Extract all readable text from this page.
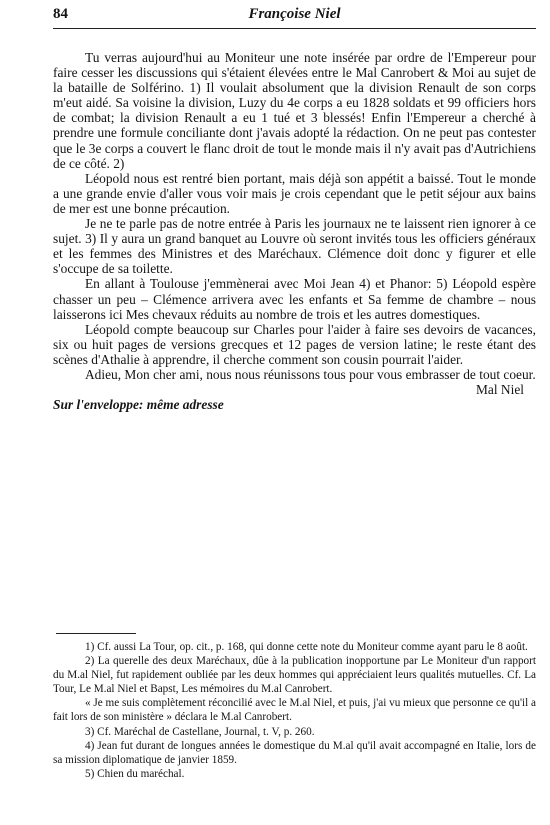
84	Françoise Niel

Tu verras aujourd'hui au Moniteur une note insérée par ordre de l'Empereur pour faire cesser les discussions qui s'étaient élevées entre le Mal Canrobert & Moi au sujet de la bataille de Solférino. 1) Il voulait absolument que la division Renault de son corps m'eut aidé. Sa voisine la division, Luzy du 4e corps a eu 1828 soldats et 99 officiers hors de combat; la division Renault a eu 1 tué et 3 blessés! Enfin l'Empereur a cherché à prendre une formule conciliante dont j'avais adopté la rédaction. On ne peut pas contester que le 3e corps a couvert le flanc droit de tout le monde mais il n'y avait pas d'Autrichiens de ce côté. 2)

Léopold nous est rentré bien portant, mais déjà son appétit a baissé. Tout le monde a une grande envie d'aller vous voir mais je crois cependant que le petit séjour aux bains de mer est une bonne précaution.

Je ne te parle pas de notre entrée à Paris les journaux ne te laissent rien ignorer à ce sujet. 3) Il y aura un grand banquet au Louvre où seront invités tous les officiers généraux et les femmes des Ministres et des Maréchaux. Clémence doit donc y figurer et elle s'occupe de sa toilette.

En allant à Toulouse j'emmènerai avec Moi Jean 4) et Phanor: 5) Léopold espère chasser un peu – Clémence arrivera avec les enfants et Sa femme de chambre – nous laisserons ici Mes chevaux réduits au nombre de trois et les autres domestiques.

Léopold compte beaucoup sur Charles pour l'aider à faire ses devoirs de vacances, six ou huit pages de versions grecques et 12 pages de version latine; le reste étant des scènes d'Athalie à apprendre, il cherche comment son cousin pourrait l'aider.

Adieu, Mon cher ami, nous nous réunissons tous pour vous embrasser de tout coeur.

Mal Niel
Sur l'enveloppe: même adresse

1) Cf. aussi La Tour, op. cit., p. 168, qui donne cette note du Moniteur comme ayant paru le 8 août.

2) La querelle des deux Maréchaux, dûe à la publication inopportune par Le Moniteur d'un rapport du M.al Niel, fut rapidement oubliée par les deux hommes qui appréciaient leurs qualités mutuelles. Cf. La Tour, Le M.al Niel et Bapst, Les mémoires du M.al Canrobert.

« Je me suis complètement réconcilié avec le M.al Niel, et puis, j'ai vu mieux que personne ce qu'il a fait lors de son ministère » déclara le M.al Canrobert.

3) Cf. Maréchal de Castellane, Journal, t. V, p. 260.

4) Jean fut durant de longues années le domestique du M.al qu'il avait accompagné en Italie, lors de sa mission diplomatique de janvier 1859.

5) Chien du maréchal.
